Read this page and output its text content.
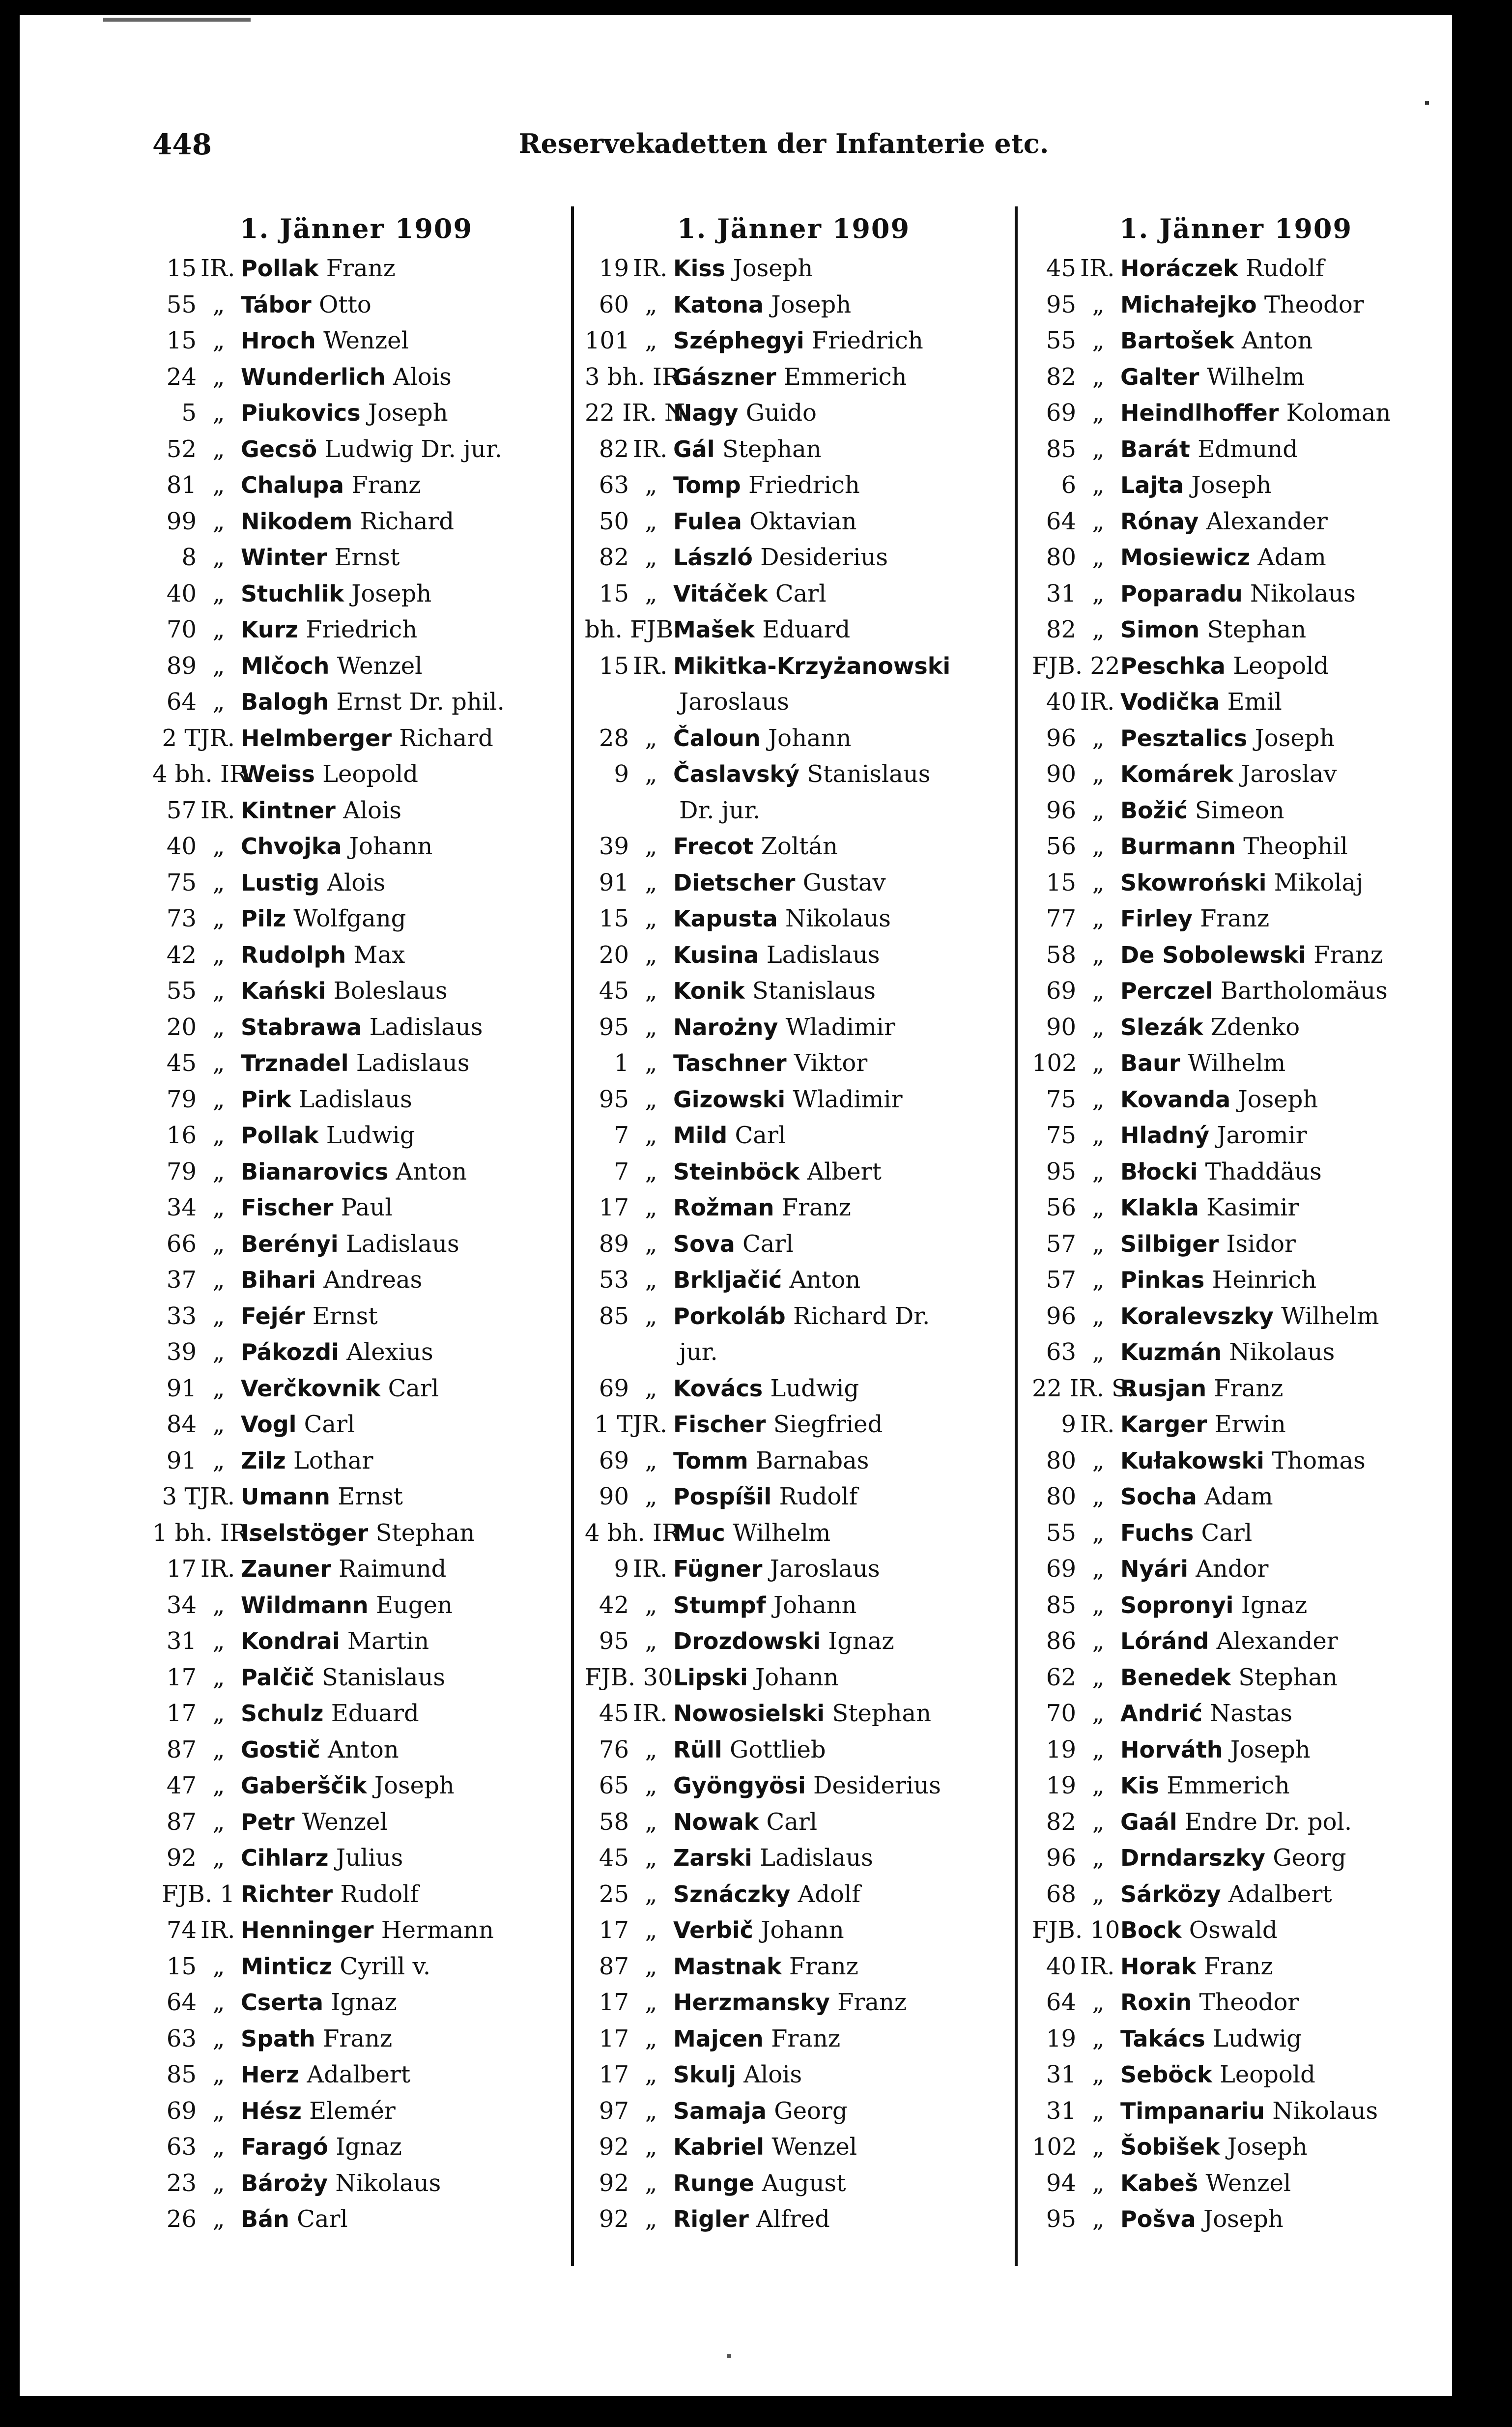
448	Reservekadetten der Infanterie etc.
1. Jänner 1909
15 IR. Pollak Franz
55 „ Tábor Otto
15 „ Hroch Wenzel
24 „ Wunderlich Alois
5 „ Piukovics Joseph
52 „ Gecsö Ludwig Dr. jur.
81 „ Chalupa Franz
99 „ Nikodem Richard
8 „ Winter Ernst
40 „ Stuchlik Joseph
70 „ Kurz Friedrich
89 „ Mlčoch Wenzel
64 „ Balogh Ernst Dr. phil.
2 TJR. Helmberger Richard
4 bh. IR.Weiss Leopold
57 IR. Kintner Alois
40 „ Chvojka Johann
75 „ Lustig Alois
73 „ Pilz Wolfgang
42 „ Rudolph Max
55 „ Kański Boleslaus
20 „ Stabrawa Ladislaus
45 „ Trznadel Ladislaus
79 „ Pirk Ladislaus
16 „ Pollak Ludwig
79 „ Bianarovics Anton
34 „ Fischer Paul
66 „ Berényi Ladislaus
37 „ Bihari Andreas
33 „ Fejér Ernst
39 „ Pákozdi Alexius
91 „ Verčkovnik Carl
84 „ Vogl Carl
91 „ Zilz Lothar
3 TJR. Umann Ernst
1 bh. IR.Iselstöger Stephan
17 IR. Zauner Raimund
34 „ Wildmann Eugen
31 „ Kondrai Martin
17 „ Palčič Stanislaus
17 „ Schulz Eduard
87 „ Gostič Anton
47 „ Gaberščik Joseph
87 „ Petr Wenzel
92 „ Cihlarz Julius
FJB. 1 Richter Rudolf
74 IR. Henninger Hermann
15 „ Minticz Cyrill v.
64 „ Cserta Ignaz
63 „ Spath Franz
85 „ Herz Adalbert
69 „ Hész Elemér
63 „ Faragó Ignaz
23 „ Bároży Nikolaus
26 „ Bán Carl
1. Jänner 1909
19 IR. Kiss Joseph
60 „ Katona Joseph
101 „ Széphegyi Friedrich
3 bh. IR.Gászner Emmerich
22 IR. N.Nagy Guido
82 IR. Gál Stephan
63 „ Tomp Friedrich
50 „ Fulea Oktavian
82 „ László Desiderius
15 „ Vitáček Carl
bh. FJB.Mašek Eduard
15 IR. Mikitka-Krzyżanowski
Jaroslaus
28 „ Čaloun Johann
9 „ Časlavský Stanislaus
Dr. jur.
39 „ Frecot Zoltán
91 „ Dietscher Gustav
15 „ Kapusta Nikolaus
20 „ Kusina Ladislaus
45 „ Konik Stanislaus
95 „ Narożny Wladimir
1 „ Taschner Viktor
95 „ Gizowski Wladimir
7 „ Mild Carl
7 „ Steinböck Albert
17 „ Rožman Franz
89 „ Sova Carl
53 „ Brkljačić Anton
85 „ Porkoláb Richard Dr.
jur.
69 „ Kovács Ludwig
1 TJR. Fischer Siegfried
69 „ Tomm Barnabas
90 „ Pospíšil Rudolf
4 bh. IR.Muc Wilhelm
9 IR. Fügner Jaroslaus
42 „ Stumpf Johann
95 „ Drozdowski Ignaz
FJB. 30Lipski Johann
45 IR. Nowosielski Stephan
76 „ Rüll Gottlieb
65 „ Gyöngyösi Desiderius
58 „ Nowak Carl
45 „ Zarski Ladislaus
25 „ Sznáczky Adolf
17 „ Verbič Johann
87 „ Mastnak Franz
17 „ Herzmansky Franz
17 „ Majcen Franz
17 „ Skulj Alois
97 „ Samaja Georg
92 „ Kabriel Wenzel
92 „ Runge August
92 „ Rigler Alfred
1. Jänner 1909
45 IR. Horáczek Rudolf
95 „ Michałejko Theodor
55 „ Bartošek Anton
82 „ Galter Wilhelm
69 „ Heindlhoffer Koloman
85 „ Barát Edmund
6 „ Lajta Joseph
64 „ Rónay Alexander
80 „ Mosiewicz Adam
31 „ Poparadu Nikolaus
82 „ Simon Stephan
FJB. 22Peschka Leopold
40 IR. Vodička Emil
96 „ Pesztalics Joseph
90 „ Komárek Jaroslav
96 „ Božić Simeon
56 „ Burmann Theophil
15 „ Skowroński Mikolaj
77 „ Firley Franz
58 „ De Sobolewski Franz
69 „ Perczel Bartholomäus
90 „ Slezák Zdenko
102 „ Baur Wilhelm
75 „ Kovanda Joseph
75 „ Hladný Jaromir
95 „ Błocki Thaddäus
56 „ Klakla Kasimir
57 „ Silbiger Isidor
57 „ Pinkas Heinrich
96 „ Koralevszky Wilhelm
63 „ Kuzmán Nikolaus
22 IR. S.Rusjan Franz
9 IR. Karger Erwin
80 „ Kułakowski Thomas
80 „ Socha Adam
55 „ Fuchs Carl
69 „ Nyári Andor
85 „ Sopronyi Ignaz
86 „ Lóránd Alexander
62 „ Benedek Stephan
70 „ Andrić Nastas
19 „ Horváth Joseph
19 „ Kis Emmerich
82 „ Gaál Endre Dr. pol.
96 „ Drndarszky Georg
68 „ Sárközy Adalbert
FJB. 10Bock Oswald
40 IR. Horak Franz
64 „ Roxin Theodor
19 „ Takács Ludwig
31 „ Seböck Leopold
31 „ Timpanariu Nikolaus
102 „ Šobišek Joseph
94 „ Kabeš Wenzel
95 „ Pošva Joseph
